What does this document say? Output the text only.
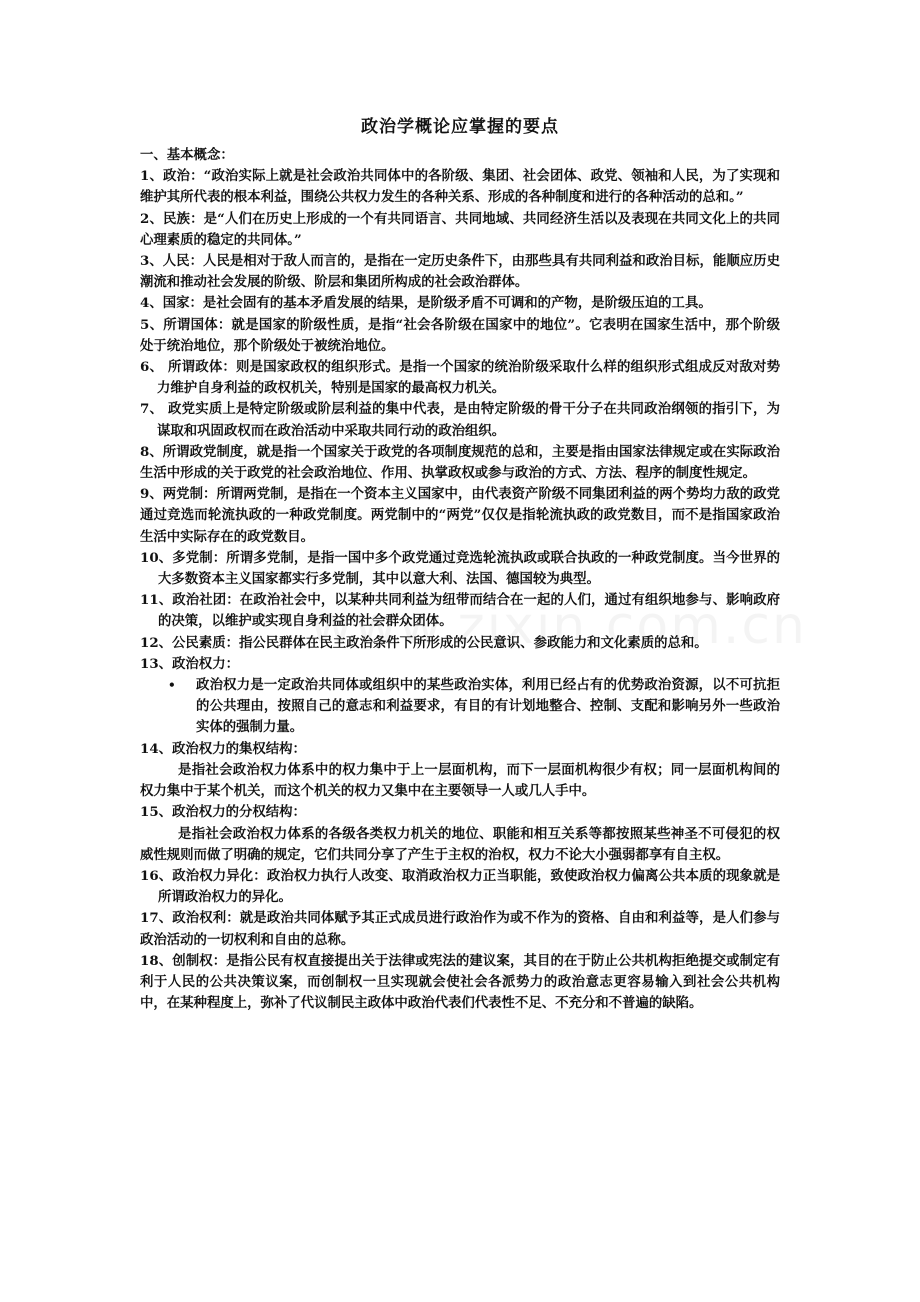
政治学概论应掌握的要点

一、基本概念：

1、政治：“政治实际上就是社会政治共同体中的各阶级、集团、社会团体、政党、领袖和人民，为了实现和维护其所代表的根本利益，围绕公共权力发生的各种关系、形成的各种制度和进行的各种活动的总和。”

2、民族：是“人们在历史上形成的一个有共同语言、共同地域、共同经济生活以及表现在共同文化上的共同心理素质的稳定的共同体。”

3、人民：人民是相对于敌人而言的，是指在一定历史条件下，由那些具有共同利益和政治目标，能顺应历史潮流和推动社会发展的阶级、阶层和集团所构成的社会政治群体。

4、国家：是社会固有的基本矛盾发展的结果，是阶级矛盾不可调和的产物，是阶级压迫的工具。

5、所谓国体：就是国家的阶级性质，是指“社会各阶级在国家中的地位”。它表明在国家生活中，那个阶级处于统治地位，那个阶级处于被统治地位。

6、 所谓政体：则是国家政权的组织形式。是指一个国家的统治阶级采取什么样的组织形式组成反对敌对势力维护自身利益的政权机关，特别是国家的最高权力机关。

7、 政党实质上是特定阶级或阶层利益的集中代表，是由特定阶级的骨干分子在共同政治纲领的指引下，为谋取和巩固政权而在政治活动中采取共同行动的政治组织。

8、所谓政党制度，就是指一个国家关于政党的各项制度规范的总和，主要是指由国家法律规定或在实际政治生活中形成的关于政党的社会政治地位、作用、执掌政权或参与政治的方式、方法、程序的制度性规定。

9、两党制：所谓两党制，是指在一个资本主义国家中，由代表资产阶级不同集团利益的两个势均力敌的政党通过竞选而轮流执政的一种政党制度。两党制中的“两党”仅仅是指轮流执政的政党数目，而不是指国家政治生活中实际存在的政党数目。

10、多党制：所谓多党制，是指一国中多个政党通过竞选轮流执政或联合执政的一种政党制度。当今世界的大多数资本主义国家都实行多党制，其中以意大利、法国、德国较为典型。

11、政治社团：在政治社会中，以某种共同利益为纽带而结合在一起的人们，通过有组织地参与、影响政府的决策，以维护或实现自身利益的社会群众团体。

12、公民素质：指公民群体在民主政治条件下所形成的公民意识、参政能力和文化素质的总和。

13、政治权力：

• 政治权力是一定政治共同体或组织中的某些政治实体，利用已经占有的优势政治资源，以不可抗拒的公共理由，按照自己的意志和利益要求，有目的有计划地整合、控制、支配和影响另外一些政治实体的强制力量。

14、政治权力的集权结构：

是指社会政治权力体系中的权力集中于上一层面机构，而下一层面机构很少有权；同一层面机构间的权力集中于某个机关，而这个机关的权力又集中在主要领导一人或几人手中。

15、政治权力的分权结构：

是指社会政治权力体系的各级各类权力机关的地位、职能和相互关系等都按照某些神圣不可侵犯的权威性规则而做了明确的规定，它们共同分享了产生于主权的治权，权力不论大小强弱都享有自主权。

16、政治权力异化：政治权力执行人改变、取消政治权力正当职能，致使政治权力偏离公共本质的现象就是所谓政治权力的异化。

17、政治权利：就是政治共同体赋予其正式成员进行政治作为或不作为的资格、自由和利益等，是人们参与政治活动的一切权利和自由的总称。

18、创制权：是指公民有权直接提出关于法律或宪法的建议案，其目的在于防止公共机构拒绝提交或制定有利于人民的公共决策议案，而创制权一旦实现就会使社会各派势力的政治意志更容易输入到社会公共机构中，在某种程度上，弥补了代议制民主政体中政治代表们代表性不足、不充分和不普遍的缺陷。
